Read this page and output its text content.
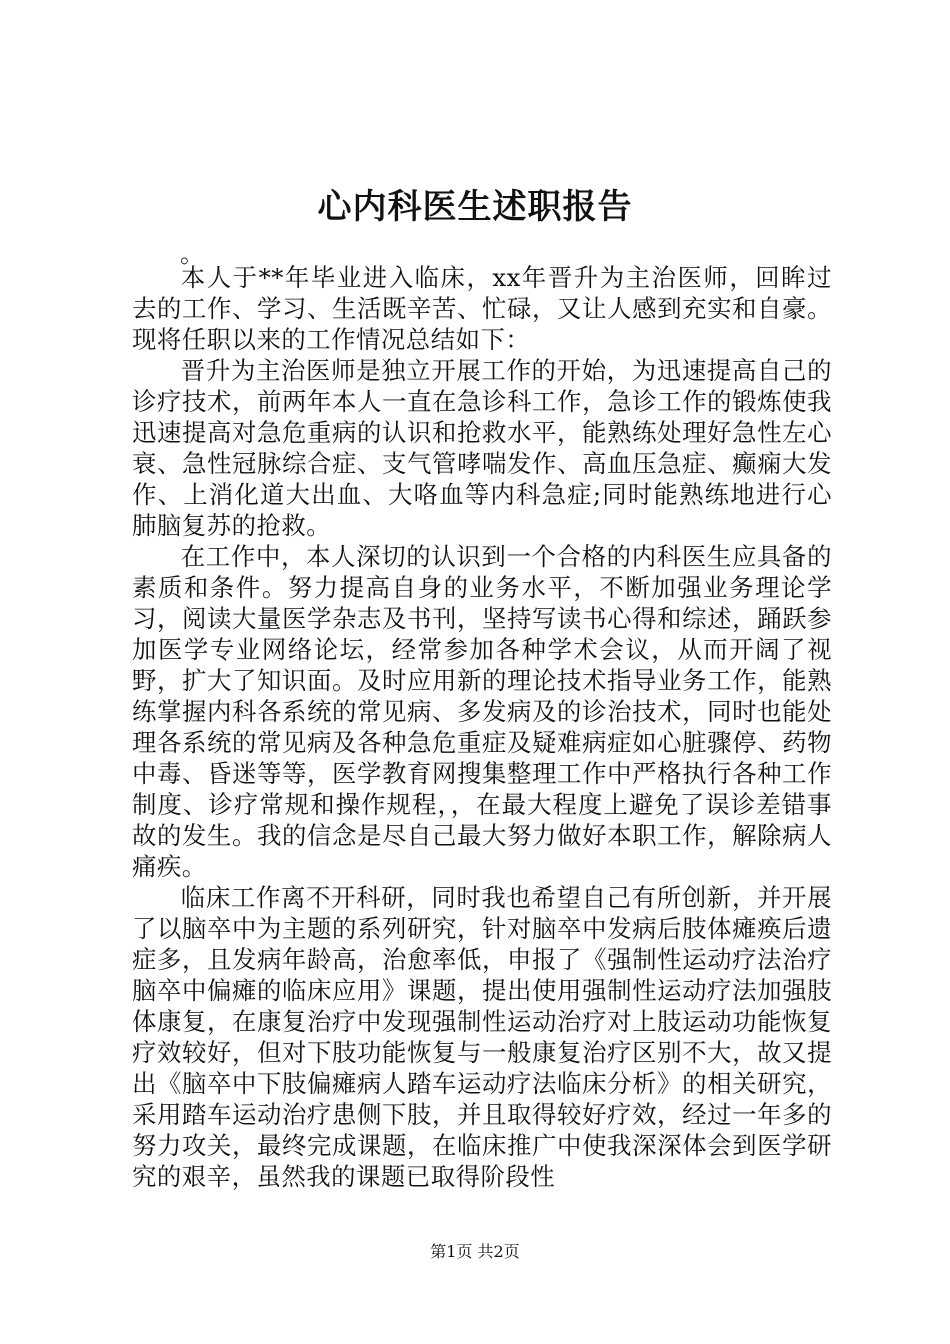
心内科医生述职报告
。

本人于**年毕业进入临床，xx年晋升为主治医师，回眸过去的工作、学习、生活既辛苦、忙碌，又让人感到充实和自豪。现将任职以来的工作情况总结如下：

晋升为主治医师是独立开展工作的开始，为迅速提高自己的诊疗技术，前两年本人一直在急诊科工作，急诊工作的锻炼使我迅速提高对急危重病的认识和抢救水平，能熟练处理好急性左心衰、急性冠脉综合症、支气管哮喘发作、高血压急症、癫痫大发作、上消化道大出血、大咯血等内科急症;同时能熟练地进行心肺脑复苏的抢救。

在工作中，本人深切的认识到一个合格的内科医生应具备的素质和条件。努力提高自身的业务水平，不断加强业务理论学习，阅读大量医学杂志及书刊，坚持写读书心得和综述，踊跃参加医学专业网络论坛，经常参加各种学术会议，从而开阔了视野，扩大了知识面。及时应用新的理论技术指导业务工作，能熟练掌握内科各系统的常见病、多发病及的诊治技术，同时也能处理各系统的常见病及各种急危重症及疑难病症如心脏骤停、药物中毒、昏迷等等，医学教育网搜集整理工作中严格执行各种工作制度、诊疗常规和操作规程，，在最大程度上避免了误诊差错事故的发生。我的信念是尽自己最大努力做好本职工作，解除病人痛疾。

临床工作离不开科研，同时我也希望自己有所创新，并开展了以脑卒中为主题的系列研究，针对脑卒中发病后肢体瘫痪后遗症多，且发病年龄高，治愈率低，申报了《强制性运动疗法治疗脑卒中偏瘫的临床应用》课题，提出使用强制性运动疗法加强肢体康复，在康复治疗中发现强制性运动治疗对上肢运动功能恢复疗效较好，但对下肢功能恢复与一般康复治疗区别不大，故又提出《脑卒中下肢偏瘫病人踏车运动疗法临床分析》的相关研究，采用踏车运动治疗患侧下肢，并且取得较好疗效，经过一年多的努力攻关，最终完成课题，在临床推广中使我深深体会到医学研究的艰辛，虽然我的课题已取得阶段性

第1页 共2页
